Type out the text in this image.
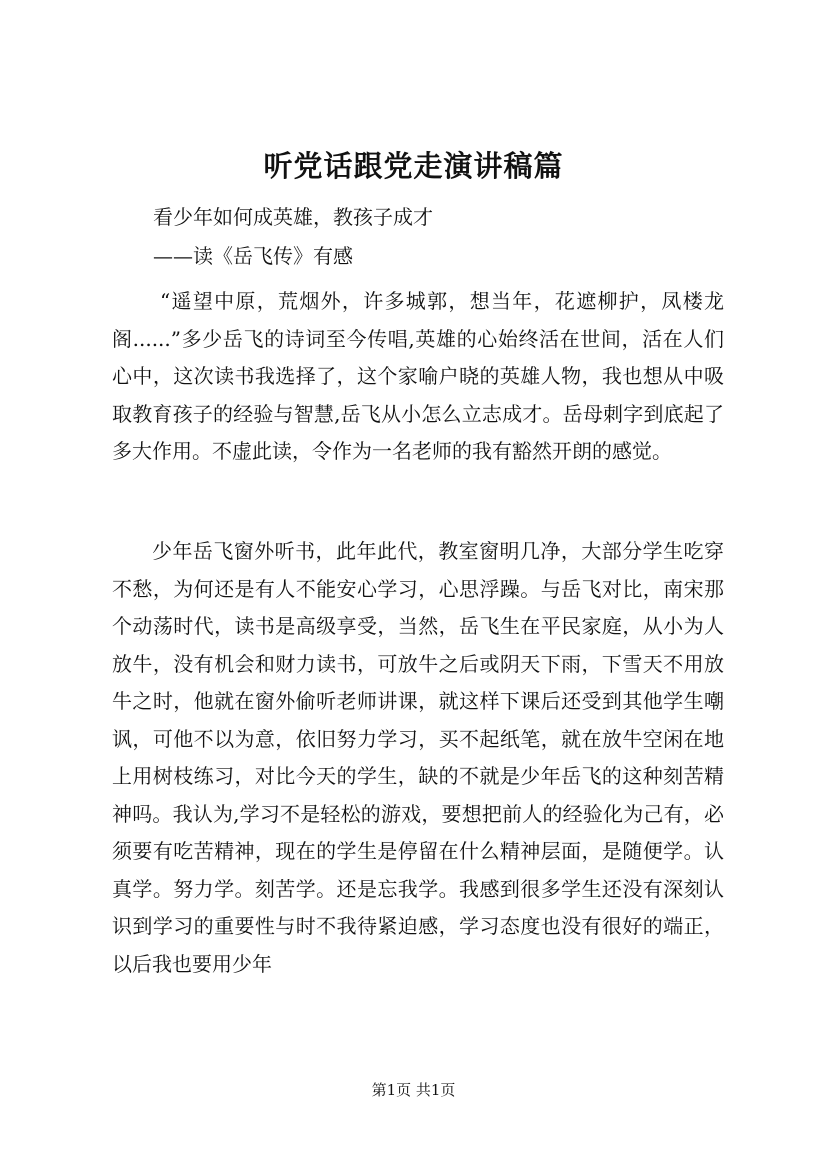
听党话跟党走演讲稿篇

看少年如何成英雄，教孩子成才

——读《岳飞传》有感

“遥望中原，荒烟外，许多城郭，想当年，花遮柳护，凤楼龙阁......”多少岳飞的诗词至今传唱,英雄的心始终活在世间，活在人们心中，这次读书我选择了，这个家喻户晓的英雄人物，我也想从中吸取教育孩子的经验与智慧,岳飞从小怎么立志成才。岳母刺字到底起了多大作用。不虚此读，令作为一名老师的我有豁然开朗的感觉。

少年岳飞窗外听书，此年此代，教室窗明几净，大部分学生吃穿不愁，为何还是有人不能安心学习，心思浮躁。与岳飞对比，南宋那个动荡时代，读书是高级享受，当然，岳飞生在平民家庭，从小为人放牛，没有机会和财力读书，可放牛之后或阴天下雨，下雪天不用放牛之时，他就在窗外偷听老师讲课，就这样下课后还受到其他学生嘲讽，可他不以为意，依旧努力学习，买不起纸笔，就在放牛空闲在地上用树枝练习，对比今天的学生，缺的不就是少年岳飞的这种刻苦精神吗。我认为,学习不是轻松的游戏，要想把前人的经验化为己有，必须要有吃苦精神，现在的学生是停留在什么精神层面，是随便学。认真学。努力学。刻苦学。还是忘我学。我感到很多学生还没有深刻认识到学习的重要性与时不我待紧迫感，学习态度也没有很好的端正，以后我也要用少年

第1页 共1页
